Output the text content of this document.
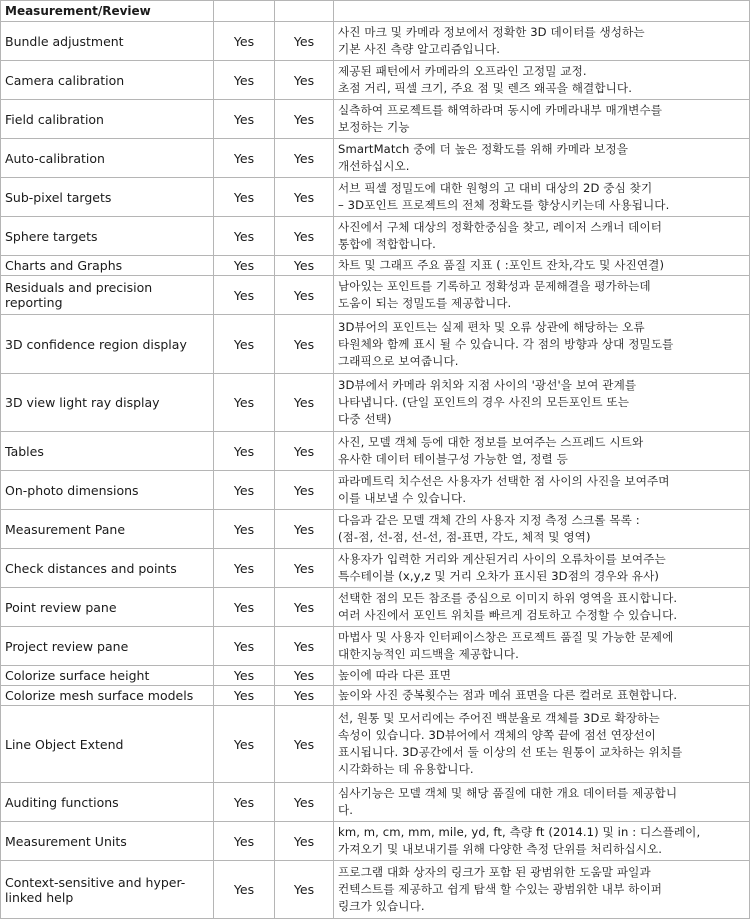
Measurement/Review			
Bundle adjustment	Yes	Yes	사진 마크 및 카메라 정보에서 정확한 3D 데이터를 생성하는
기본 사진 측량 알고리즘입니다.

Camera calibration	Yes	Yes	제공된 패턴에서 카메라의 오프라인 고정밀 교정.
초점 거리, 픽셀 크기, 주요 점 및 렌즈 왜곡을 해결합니다.

Field calibration	Yes	Yes	실측하여 프로젝트를 해역하라며 동시에 카메라내부 매개변수를
보정하는 기능

Auto-calibration	Yes	Yes	SmartMatch 중에 더 높은 정확도를 위해 카메라 보정을
개선하십시오.

Sub-pixel targets	Yes	Yes	서브 픽셀 정밀도에 대한 원형의 고 대비 대상의 2D 중심 찾기
– 3D포인트 프로젝트의 전체 정확도를 향상시키는데 사용됩니다.

Sphere targets	Yes	Yes	사진에서 구체 대상의 정확한중심을 찾고, 레이저 스캐너 데이터
통합에 적합합니다.

Charts and Graphs	Yes	Yes	차트 및 그래프 주요 품질 지표 ( :포인트 잔차,각도 및 사진연결)

Residuals and precision reporting	Yes	Yes	남아있는 포인트를 기록하고 정확성과 문제해결을 평가하는데
도움이 되는 정밀도를 제공합니다.

3D confidence region display	Yes	Yes	3D뷰어의 포인트는 실제 편차 및 오류 상관에 해당하는 오류
타원체와 함께 표시 될 수 있습니다. 각 점의 방향과 상대 정밀도를
그래픽으로 보여줍니다.

3D view light ray display	Yes	Yes	3D뷰에서 카메라 위치와 지점 사이의 '광선'을 보여 관계를
나타냅니다. (단일 포인트의 경우 사진의 모든포인트 또는
다중 선택)

Tables	Yes	Yes	사진, 모델 객체 등에 대한 정보를 보여주는 스프레드 시트와
유사한 데이터 테이블구성 가능한 열, 정렬 등

On-photo dimensions	Yes	Yes	파라메트릭 치수선은 사용자가 선택한 점 사이의 사진을 보여주며
이를 내보낼 수 있습니다.

Measurement Pane	Yes	Yes	다음과 같은 모델 객체 간의 사용자 지정 측정 스크롤 목록 :
(점-점, 선-점, 선-선, 점-표면, 각도, 체적 및 영역)

Check distances and points	Yes	Yes	사용자가 입력한 거리와 계산된거리 사이의 오류차이를 보여주는
특수테이블 (x,y,z 및 거리 오차가 표시된 3D점의 경우와 유사)

Point review pane	Yes	Yes	선택한 점의 모든 참조를 중심으로 이미지 하위 영역을 표시합니다.
여러 사진에서 포인트 위치를 빠르게 검토하고 수정할 수 있습니다.

Project review pane	Yes	Yes	마법사 및 사용자 인터페이스창은 프로젝트 품질 및 가능한 문제에
대한지능적인 피드백을 제공합니다.

Colorize surface height	Yes	Yes	높이에 따라 다른 표면

Colorize mesh surface models	Yes	Yes	높이와 사진 중복횟수는 점과 메쉬 표면을 다른 컬러로 표현합니다.

Line Object Extend	Yes	Yes	선, 원통 및 모서리에는 주어진 백분율로 객체를 3D로 확장하는
속성이 있습니다. 3D뷰어에서 객체의 양쪽 끝에 점선 연장선이
표시됩니다. 3D공간에서 둘 이상의 선 또는 원통이 교차하는 위치를
시각화하는 데 유용합니다.

Auditing functions	Yes	Yes	심사기능은 모델 객체 및 해당 품질에 대한 개요 데이터를 제공합니
다.

Measurement Units	Yes	Yes	km, m, cm, mm, mile, yd, ft, 측량 ft (2014.1) 및 in : 디스플레이,
가져오기 및 내보내기를 위해 다양한 측정 단위를 처리하십시오.

Context-sensitive and hyper-linked help	Yes	Yes	프로그램 대화 상자의 링크가 포함 된 광범위한 도움말 파일과
컨텍스트를 제공하고 쉽게 탐색 할 수있는 광범위한 내부 하이퍼
링크가 있습니다.
